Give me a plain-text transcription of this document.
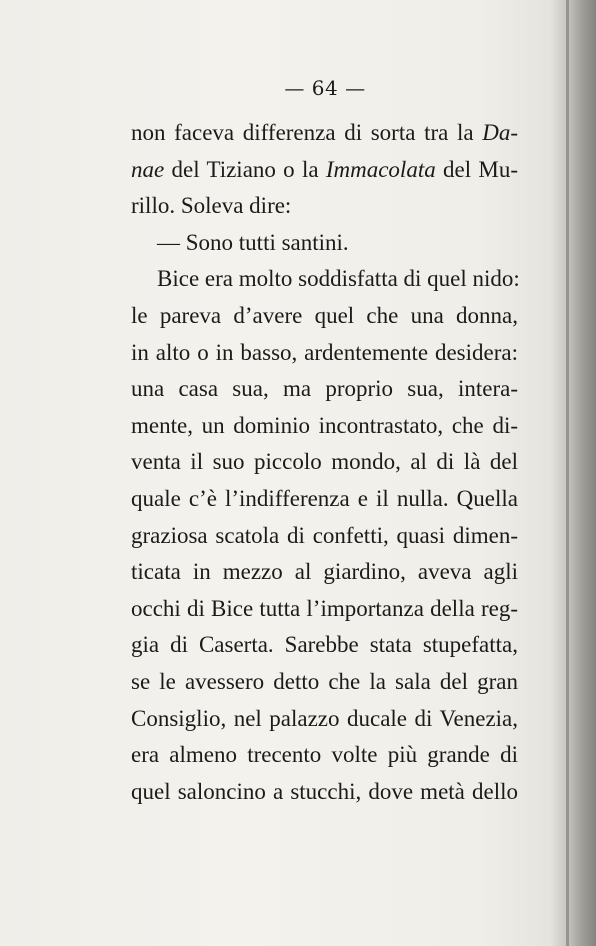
— 64 —
non faceva differenza di sorta tra la Da-
nae del Tiziano o la Immacolata del Mu-
rillo. Soleva dire:
— Sono tutti santini.
Bice era molto soddisfatta di quel nido:
le pareva d’avere quel che una donna,
in alto o in basso, ardentemente desidera:
una casa sua, ma proprio sua, intera-
mente, un dominio incontrastato, che di-
venta il suo piccolo mondo, al di là del
quale c’è l’indifferenza e il nulla. Quella
graziosa scatola di confetti, quasi dimen-
ticata in mezzo al giardino, aveva agli
occhi di Bice tutta l’importanza della reg-
gia di Caserta. Sarebbe stata stupefatta,
se le avessero detto che la sala del gran
Consiglio, nel palazzo ducale di Venezia,
era almeno trecento volte più grande di
quel saloncino a stucchi, dove metà dello
